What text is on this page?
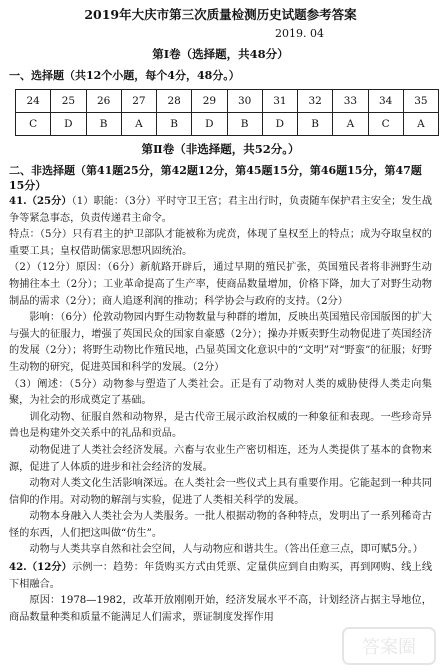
2019年大庆市第三次质量检测历史试题参考答案
2019. 04
第Ⅰ卷（选择题，共48分）
一、选择题（共12个小题，每个4分，48分。）
24	25	26	27	28	29	30	31	32	33	34	35
C	D	B	A	B	D	B	D	B	A	C	A
第Ⅱ卷（非选择题，共52分。）
二、非选择题（第41题25分，第42题12分，第45题15分，第46题15分，第47题15分）

41.（25分）（1）职能：（3分）平时守卫王宫；君主出行时，负责随车保护君主安全；发生战争等紧急事态，负责传递君主命令。

特点：（5分）只有君主的护卫部队才能被称为虎贲，体现了皇权至上的特点；成为夺取皇权的重要工具；皇权借助儒家思想巩固统治。

（2）（12分）原因：（6分）新航路开辟后，通过早期的殖民扩张，英国殖民者将非洲野生动物捕往本土（2分）；工业革命提高了生产率，使商品数量增加，价格下降，加大了对野生动物制品的需求（2分）；商人追逐利润的推动；科学协会与政府的支持。（2分）

影响：（6分）伦敦动物园内野生动物数量与种群的增加，反映出英国殖民帝国版图的扩大与强大的征服力，增强了英国民众的国家自豪感（2分）；操办并贩卖野生动物促进了英国经济的发展（2分）；将野生动物比作殖民地，凸显英国文化意识中的“文明”对“野蛮”的征服；好野生动物的研究，促进英国和科学的发展。（2分）

（3）阐述：（5分）动物参与塑造了人类社会。正是有了动物对人类的威胁使得人类走向集聚，为社会的形成奠定了基础。

训化动物、征服自然和动物界，是古代帝王展示政治权威的一种象征和表现。一些珍奇异兽也是构建外交关系中的礼品和贡品。

动物促进了人类社会经济发展。六畜与农业生产密切相连，还为人类提供了基本的食物来源，促进了人体质的进步和社会经济的发展。

动物对人类文化生活影响深远。在人类社会一些仪式上具有重要作用。它能起到一种共同信仰的作用。对动物的解剖与实验，促进了人类相关科学的发展。

动物本身融入人类社会为人类服务。一批人根据动物的各种特点，发明出了一系列稀奇古怪的东西，人们把这叫做“仿生”。

动物与人类共享自然和社会空间，人与动物应和谐共生。（答出任意三点，即可赋5分。）

42.（12分）示例一：趋势：年货购买方式由凭票、定量供应到自由购买，再到网购、线上线下相融合。

原因：1978—1982，改革开放刚刚开始，经济发展水平不高，计划经济占据主导地位，商品数量种类和质量不能满足人们需求，票证制度发挥作用

答案圈
